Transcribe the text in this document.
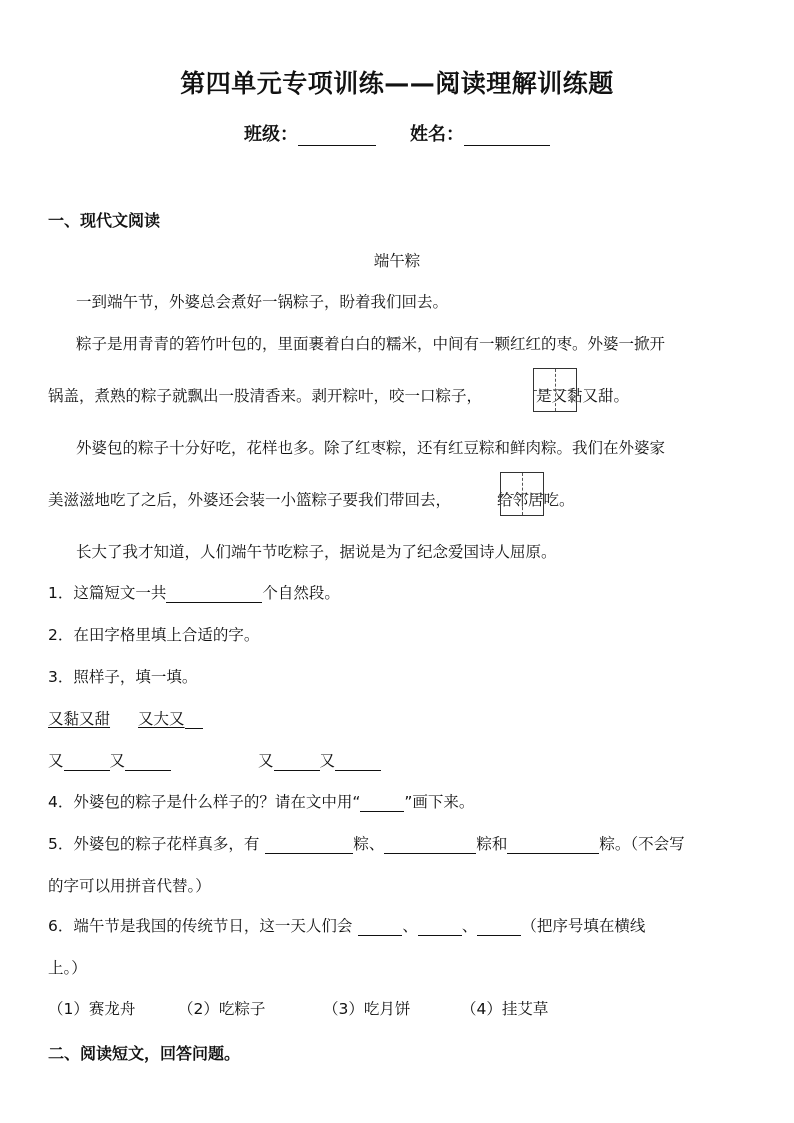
第四单元专项训练——阅读理解训练题
班级：	姓名：
一、现代文阅读
端午粽
一到端午节，外婆总会煮好一锅粽子，盼着我们回去。
粽子是用青青的箬竹叶包的，里面裹着白白的糯米，中间有一颗红红的枣。外婆一掀开
锅盖，煮熟的粽子就飘出一股清香来。剥开粽叶，咬一口粽子，	是又黏又甜。
外婆包的粽子十分好吃，花样也多。除了红枣粽，还有红豆粽和鲜肉粽。我们在外婆家
美滋滋地吃了之后，外婆还会装一小篮粽子要我们带回去，	给邻居吃。
长大了我才知道，人们端午节吃粽子，据说是为了纪念爱国诗人屈原。
1．这篇短文一共	个自然段。
2．在田字格里填上合适的字。
3．照样子，填一填。
又黏又甜 又大又
又	又	又	又
4．外婆包的粽子是什么样子的？请在文中用“	”画下来。
5．外婆包的粽子花样真多，有	粽、	粽和	粽。（不会写
的字可以用拼音代替。）
6．端午节是我国的传统节日，这一天人们会	、	、	（把序号填在横线
上。）
（1）赛龙舟	（2）吃粽子	（3）吃月饼	（4）挂艾草
二、阅读短文，回答问题。
